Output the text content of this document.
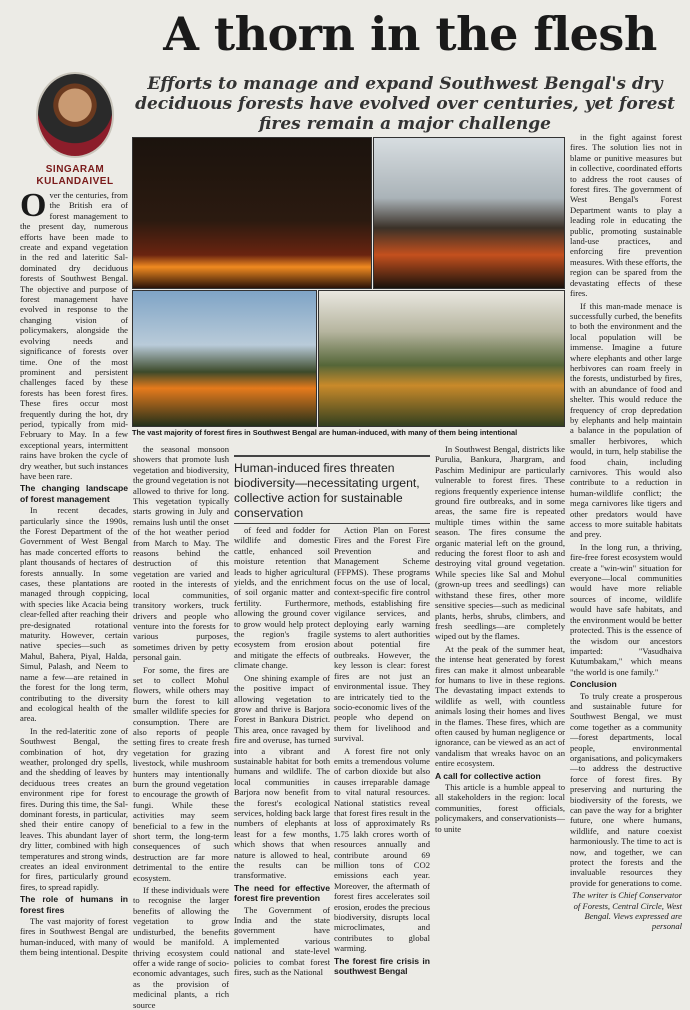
A thorn in the flesh
Efforts to manage and expand Southwest Bengal's dry deciduous forests have evolved over centuries, yet forest fires remain a major challenge
SINGARAM KULANDAIVEL
The vast majority of forest fires in Southwest Bengal are human-induced, with many of them being intentional

Over the centuries, from the British era of forest management to the present day, numerous efforts have been made to create and expand vegetation in the red and lateritic Sal-dominated dry deciduous forests of Southwest Bengal. The objective and purpose of forest management have evolved in response to the changing vision of policymakers, alongside the evolving needs and significance of forests over time. One of the most prominent and persistent challenges faced by these forests has been forest fires. These fires occur most frequently during the hot, dry period, typically from mid-February to May. In a few exceptional years, intermittent rains have broken the cycle of dry weather, but such instances have been rare.

The changing landscape of forest management

In recent decades, particularly since the 1990s, the Forest Department of the Government of West Bengal has made concerted efforts to plant thousands of hectares of forests annually. In some cases, these plantations are managed through coppicing, with species like Acacia being clear-felled after reaching their pre-designated rotational maturity. However, certain native species—such as Mahul, Bahera, Piyal, Halda, Simul, Palash, and Neem to name a few—are retained in the forest for the long term, contributing to the diversity and ecological health of the area.

In the red-lateritic zone of Southwest Bengal, the combination of hot, dry weather, prolonged dry spells, and the shedding of leaves by deciduous trees creates an environment ripe for forest fires. During this time, the Sal-dominant forests, in particular, shed their entire canopy of leaves. This abundant layer of dry litter, combined with high temperatures and strong winds, creates an ideal environment for fires, particularly ground fires, to spread rapidly.

The role of humans in forest fires

The vast majority of forest fires in Southwest Bengal are human-induced, with many of them being intentional. Despite

the seasonal monsoon showers that promote lush vegetation and biodiversity, the ground vegetation is not allowed to thrive for long. This vegetation typically starts growing in July and remains lush until the onset of the hot weather period from March to May. The reasons behind the destruction of this vegetation are varied and rooted in the interests of local communities, transitory workers, truck drivers and people who venture into the forests for various purposes, sometimes driven by petty personal gain.

For some, the fires are set to collect Mohul flowers, while others may burn the forest to kill smaller wildlife species for consumption. There are also reports of people setting fires to create fresh vegetation for grazing livestock, while mushroom hunters may intentionally burn the ground vegetation to encourage the growth of fungi. While these activities may seem beneficial to a few in the short term, the long-term consequences of such destruction are far more detrimental to the entire ecosystem.

If these individuals were to recognise the larger benefits of allowing the vegetation to grow undisturbed, the benefits would be manifold. A thriving ecosystem could offer a wide range of socio-economic advantages, such as the provision of medicinal plants, a rich source

Human-induced fires threaten biodiversity—necessitating urgent, collective action for sustainable conservation

of feed and fodder for wildlife and domestic cattle, enhanced soil moisture retention that leads to higher agricultural yields, and the enrichment of soil organic matter and fertility. Furthermore, allowing the ground cover to grow would help protect the region's fragile ecosystem from erosion and mitigate the effects of climate change.

One shining example of the positive impact of allowing vegetation to grow and thrive is Barjora Forest in Bankura District. This area, once ravaged by fire and overuse, has turned into a vibrant and sustainable habitat for both humans and wildlife. The local communities in Barjora now benefit from the forest's ecological services, holding back large numbers of elephants at least for a few months, which shows that when nature is allowed to heal, the results can be transformative.

The need for effective forest fire prevention

The Government of India and the state government have implemented various national and state-level policies to combat forest fires, such as the National

Action Plan on Forest Fires and the Forest Fire Prevention and Management Scheme (FFPMS). These programs focus on the use of local, context-specific fire control methods, establishing fire vigilance services, and deploying early warning systems to alert authorities about potential fire outbreaks. However, the key lesson is clear: forest fires are not just an environmental issue. They are intricately tied to the socio-economic lives of the people who depend on them for livelihood and survival.

A forest fire not only emits a tremendous volume of carbon dioxide but also causes irreparable damage to vital natural resources. National statistics reveal that forest fires result in the loss of approximately Rs 1.75 lakh crores worth of resources annually and contribute around 69 million tons of CO2 emissions each year. Moreover, the aftermath of forest fires accelerates soil erosion, erodes the precious biodiversity, disrupts local microclimates, and contributes to global warming.

The forest fire crisis in southwest Bengal

In Southwest Bengal, districts like Purulia, Bankura, Jhargram, and Paschim Medinipur are particularly vulnerable to forest fires. These regions frequently experience intense ground fire outbreaks, and in some areas, the same fire is repeated multiple times within the same season. The fires consume the organic material left on the ground, reducing the forest floor to ash and destroying vital ground vegetation. While species like Sal and Mohul (grown-up trees and seedlings) can withstand these fires, other more sensitive species—such as medicinal plants, herbs, shrubs, climbers, and fresh seedlings—are completely wiped out by the flames.

At the peak of the summer heat, the intense heat generated by forest fires can make it almost unbearable for humans to live in these regions. The devastating impact extends to wildlife as well, with countless animals losing their homes and lives in the flames. These fires, which are often caused by human negligence or ignorance, can be viewed as an act of vandalism that wreaks havoc on an entire ecosystem.

A call for collective action

This article is a humble appeal to all stakeholders in the region: local communities, forest officials, policymakers, and conservationists—to unite

in the fight against forest fires. The solution lies not in blame or punitive measures but in collective, coordinated efforts to address the root causes of forest fires. The government of West Bengal's Forest Department wants to play a leading role in educating the public, promoting sustainable land-use practices, and enforcing fire prevention measures. With these efforts, the region can be spared from the devastating effects of these fires.

If this man-made menace is successfully curbed, the benefits to both the environment and the local population will be immense. Imagine a future where elephants and other large herbivores can roam freely in the forests, undisturbed by fires, with an abundance of food and shelter. This would reduce the frequency of crop depredation by elephants and help maintain a balance in the population of smaller herbivores, which would, in turn, help stabilise the food chain, including carnivores. This would also contribute to a reduction in human-wildlife conflict; the mega carnivores like tigers and other predators would have access to more suitable habitats and prey.

In the long run, a thriving, fire-free forest ecosystem would create a "win-win" situation for everyone—local communities would have more reliable sources of income, wildlife would have safe habitats, and the environment would be better protected. This is the essence of the wisdom our ancestors imparted: "Vasudhaiva Kutumbakam," which means "the world is one family."

Conclusion

To truly create a prosperous and sustainable future for Southwest Bengal, we must come together as a community—forest departments, local people, environmental organisations, and policymakers—to address the destructive force of forest fires. By preserving and nurturing the biodiversity of the forests, we can pave the way for a brighter future, one where humans, wildlife, and nature coexist harmoniously. The time to act is now, and together, we can protect the forests and the invaluable resources they provide for generations to come.

The writer is Chief Conservator of Forests, Central Circle, West Bengal. Views expressed are personal
